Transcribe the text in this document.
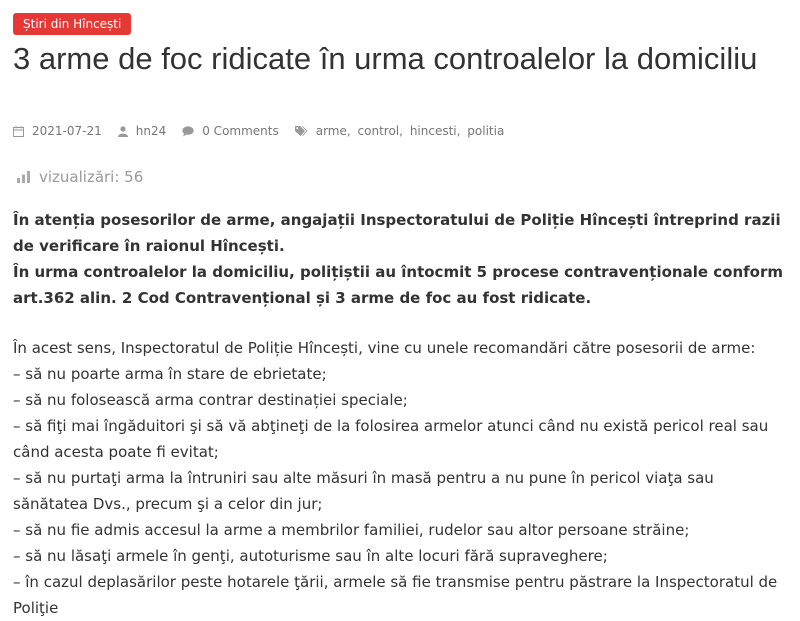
Știri din Hîncești
3 arme de foc ridicate în urma controalelor la domiciliu
2021-07-21	hn24	0 Comments	arme ,
control ,
hincesti ,
politia
vizualizări: 56

În atenția posesorilor de arme, angajații Inspectoratului de Poliție Hîncești întreprind razii de verificare în raionul Hîncești.

În urma controalelor la domiciliu, polițiștii au întocmit 5 procese contravenționale conform art.362 alin. 2 Cod Contravențional și 3 arme de foc au fost ridicate.

În acest sens, Inspectoratul de Poliție Hîncești, vine cu unele recomandări către posesorii de arme:

– să nu poarte arma în stare de ebrietate;

– să nu folosească arma contrar destinației speciale;

– să fiţi mai îngăduitori şi să vă abţineţi de la folosirea armelor atunci când nu există pericol real sau când acesta poate fi evitat;

– să nu purtaţi arma la întruniri sau alte măsuri în masă pentru a nu pune în pericol viaţa sau sănătatea Dvs., precum şi a celor din jur;

– să nu fie admis accesul la arme a membrilor familiei, rudelor sau altor persoane străine;

– să nu lăsaţi armele în genţi, autoturisme sau în alte locuri fără supraveghere;

– în cazul deplasărilor peste hotarele ţării, armele să fie transmise pentru păstrare la Inspectoratul de Poliţie
